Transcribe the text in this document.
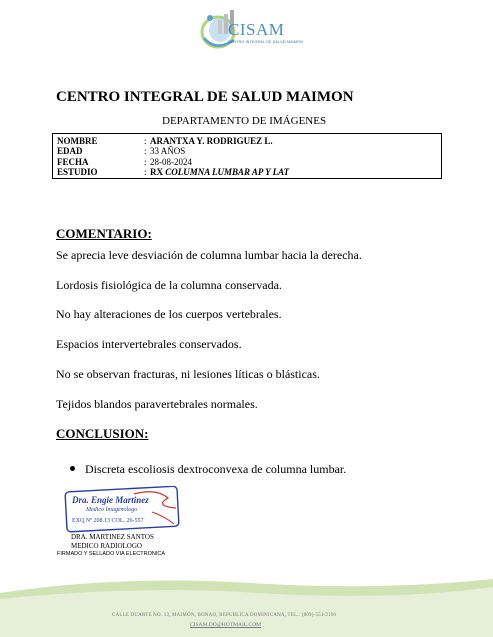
CISAM
CENTRO INTEGRAL DE SALUD MAIMON
CENTRO INTEGRAL DE SALUD MAIMON
DEPARTAMENTO DE IMÁGENES
NOMBRE	: ARANTXA Y. RODRIGUEZ L.
EDAD	: 33 AÑOS
FECHA	: 28-08-2024
ESTUDIO	: RX COLUMNA LUMBAR AP Y LAT
COMENTARIO:
Se aprecia leve desviación de columna lumbar hacia la derecha.
Lordosis fisiológica de la columna conservada.
No hay alteraciones de los cuerpos vertebrales.
Espacios intervertebrales conservados.
No se observan fracturas, ni lesiones líticas o blásticas.
Tejidos blandos paravertebrales normales.
CONCLUSION:
Discreta escoliosis dextroconvexa de columna lumbar.
Dra. Engie Martinez
Medico Imagenologo
EXQ Nº 208.13 COL. 26-557
DRA. MARTINEZ SANTOS
MEDICO RADIOLOGO
FIRMADO Y SELLADO VIA ELECTRONICA
CALLE DUARTE NO. 13, MAIMÓN, BONAO, REPUBLICA DOMINICANA, TEL.: (809)-551-2196
CISAM.DO@HOTMAIL.COM
